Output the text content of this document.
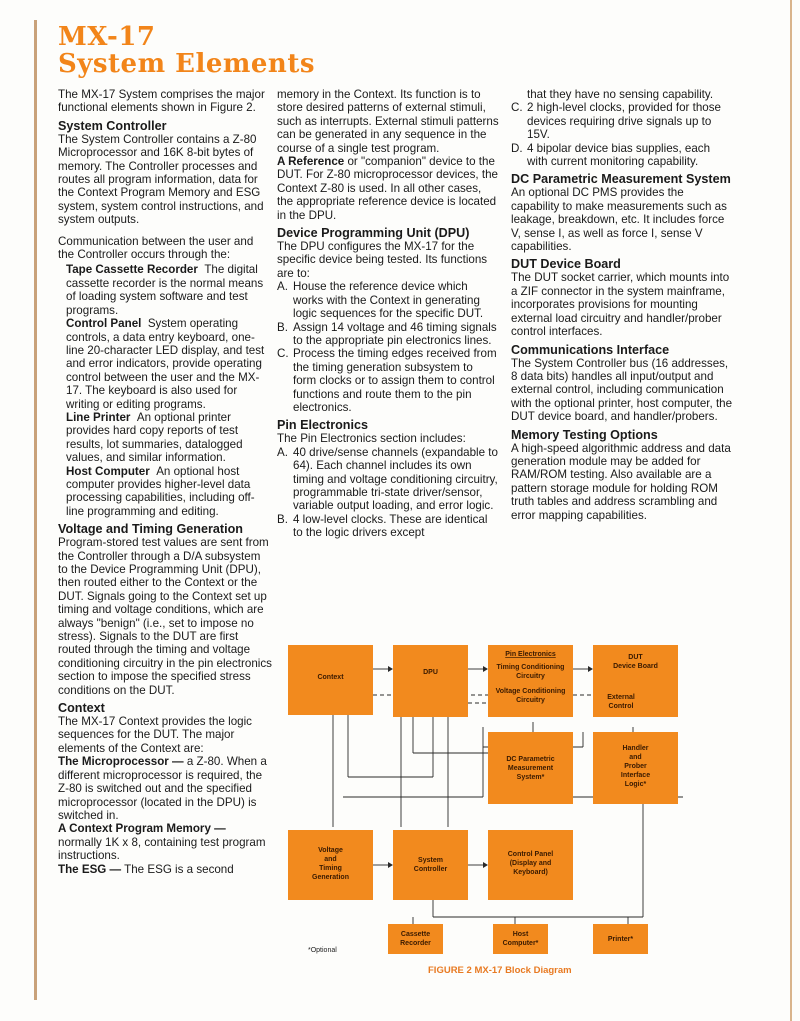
MX-17
System Elements

The MX-17 System comprises the major functional elements shown in Figure 2.

System Controller

The System Controller contains a Z-80 Microprocessor and 16K 8-bit bytes of memory. The Controller processes and routes all program information, data for the Context Program Memory and ESG system, system control instructions, and system outputs.

Communication between the user and the Controller occurs through the:

Tape Cassette Recorder The digital cassette recorder is the normal means of loading system software and test programs.

Control Panel System operating controls, a data entry keyboard, one-line 20-character LED display, and test and error indicators, provide operating control between the user and the MX-17. The keyboard is also used for writing or editing programs.

Line Printer An optional printer provides hard copy reports of test results, lot summaries, datalogged values, and similar information.

Host Computer An optional host computer provides higher-level data processing capabilities, including off-line programming and editing.

Voltage and Timing Generation

Program-stored test values are sent from the Controller through a D/A subsystem to the Device Programming Unit (DPU), then routed either to the Context or the DUT. Signals going to the Context set up timing and voltage conditions, which are always "benign" (i.e., set to impose no stress). Signals to the DUT are first routed through the timing and voltage conditioning circuitry in the pin electronics section to impose the specified stress conditions on the DUT.

Context

The MX-17 Context provides the logic sequences for the DUT. The major elements of the Context are:

The Microprocessor — a Z-80. When a different microprocessor is required, the Z-80 is switched out and the specified microprocessor (located in the DPU) is switched in.

A Context Program Memory — normally 1K x 8, containing test program instructions.

The ESG — The ESG is a second

memory in the Context. Its function is to store desired patterns of external stimuli, such as interrupts. External stimuli patterns can be generated in any sequence in the course of a single test program.

A Reference or "companion" device to the DUT. For Z-80 microprocessor devices, the Context Z-80 is used. In all other cases, the appropriate reference device is located in the DPU.

Device Programming Unit (DPU)

The DPU configures the MX-17 for the specific device being tested. Its functions are to:

A. House the reference device which works with the Context in generating logic sequences for the specific DUT.

B. Assign 14 voltage and 46 timing signals to the appropriate pin electronics lines.

C. Process the timing edges received from the timing generation subsystem to form clocks or to assign them to control functions and route them to the pin electronics.

Pin Electronics

The Pin Electronics section includes:

A. 40 drive/sense channels (expandable to 64). Each channel includes its own timing and voltage conditioning circuitry, programmable tri-state driver/sensor, variable output loading, and error logic.

B. 4 low-level clocks. These are identical to the logic drivers except

that they have no sensing capability.

C. 2 high-level clocks, provided for those devices requiring drive signals up to 15V.

D. 4 bipolar device bias supplies, each with current monitoring capability.

DC Parametric Measurement System

An optional DC PMS provides the capability to make measurements such as leakage, breakdown, etc. It includes force V, sense I, as well as force I, sense V capabilities.

DUT Device Board

The DUT socket carrier, which mounts into a ZIF connector in the system mainframe, incorporates provisions for mounting external load circuitry and handler/prober control interfaces.

Communications Interface

The System Controller bus (16 addresses, 8 data bits) handles all input/output and external control, including communication with the optional printer, host computer, the DUT device board, and handler/probers.

Memory Testing Options

A high-speed algorithmic address and data generation module may be added for RAM/ROM testing. Also available are a pattern storage module for holding ROM truth tables and address scrambling and error mapping capabilities.

Context
DPU
Pin Electronics
Timing Conditioning
Circuitry
Voltage Conditioning
Circuitry
DUT
Device Board
External
Control
DC Parametric
Measurement
System*
Handler
and
Prober
Interface
Logic*
Voltage
and
Timing
Generation
System
Controller
Control Panel
(Display and
Keyboard)
Cassette
Recorder
Host
Computer*
Printer*
*Optional
FIGURE 2 MX-17 Block Diagram
